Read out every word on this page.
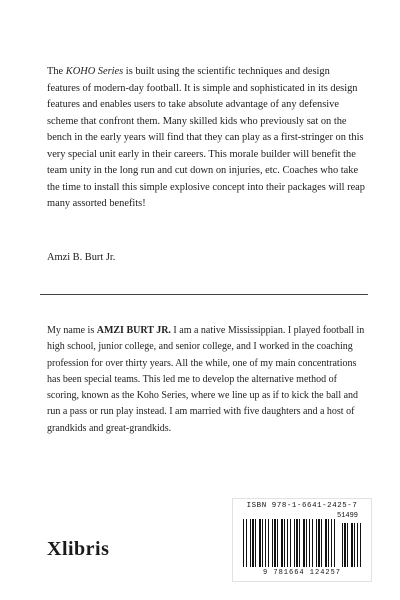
The KOHO Series is built using the scientific techniques and design features of modern-day football. It is simple and sophisticated in its design features and enables users to take absolute advantage of any defensive scheme that confront them. Many skilled kids who previously sat on the bench in the early years will find that they can play as a first-stringer on this very special unit early in their careers. This morale builder will benefit the team unity in the long run and cut down on injuries, etc. Coaches who take the time to install this simple explosive concept into their packages will reap many assorted benefits!

Amzi B. Burt Jr.

My name is AMZI BURT JR. I am a native Mississippian. I played football in high school, junior college, and senior college, and I worked in the coaching profession for over thirty years. All the while, one of my main concentrations has been special teams. This led me to develop the alternative method of scoring, known as the Koho Series, where we line up as if to kick the ball and run a pass or run play instead. I am married with five daughters and a host of grandkids and great-grandkids.

Xlibris
ISBN 978-1-6641-2425-7
51499
9 781664 124257
